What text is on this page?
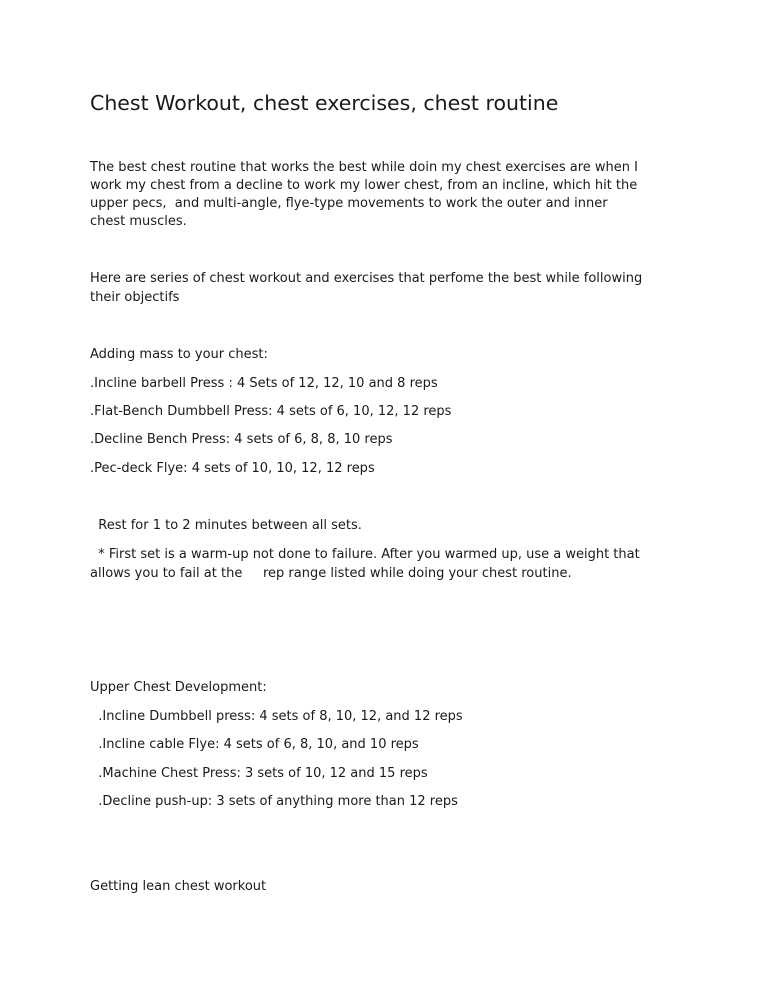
Chest Workout, chest exercises, chest routine

The best chest routine that works the best while doin my chest exercises are when I

work my chest from a decline to work my lower chest, from an incline, which hit the

upper pecs,  and multi-angle, flye-type movements to work the outer and inner

chest muscles.

Here are series of chest workout and exercises that perfome the best while following

their objectifs

Adding mass to your chest:

.Incline barbell Press : 4 Sets of 12, 12, 10 and 8 reps

.Flat-Bench Dumbbell Press: 4 sets of 6, 10, 12, 12 reps

.Decline Bench Press: 4 sets of 6, 8, 8, 10 reps

.Pec-deck Flye: 4 sets of 10, 10, 12, 12 reps

Rest for 1 to 2 minutes between all sets.

* First set is a warm-up not done to failure. After you warmed up, use a weight that

allows you to fail at the     rep range listed while doing your chest routine.

Upper Chest Development:

.Incline Dumbbell press: 4 sets of 8, 10, 12, and 12 reps

.Incline cable Flye: 4 sets of 6, 8, 10, and 10 reps

.Machine Chest Press: 3 sets of 10, 12 and 15 reps

.Decline push-up: 3 sets of anything more than 12 reps

Getting lean chest workout
